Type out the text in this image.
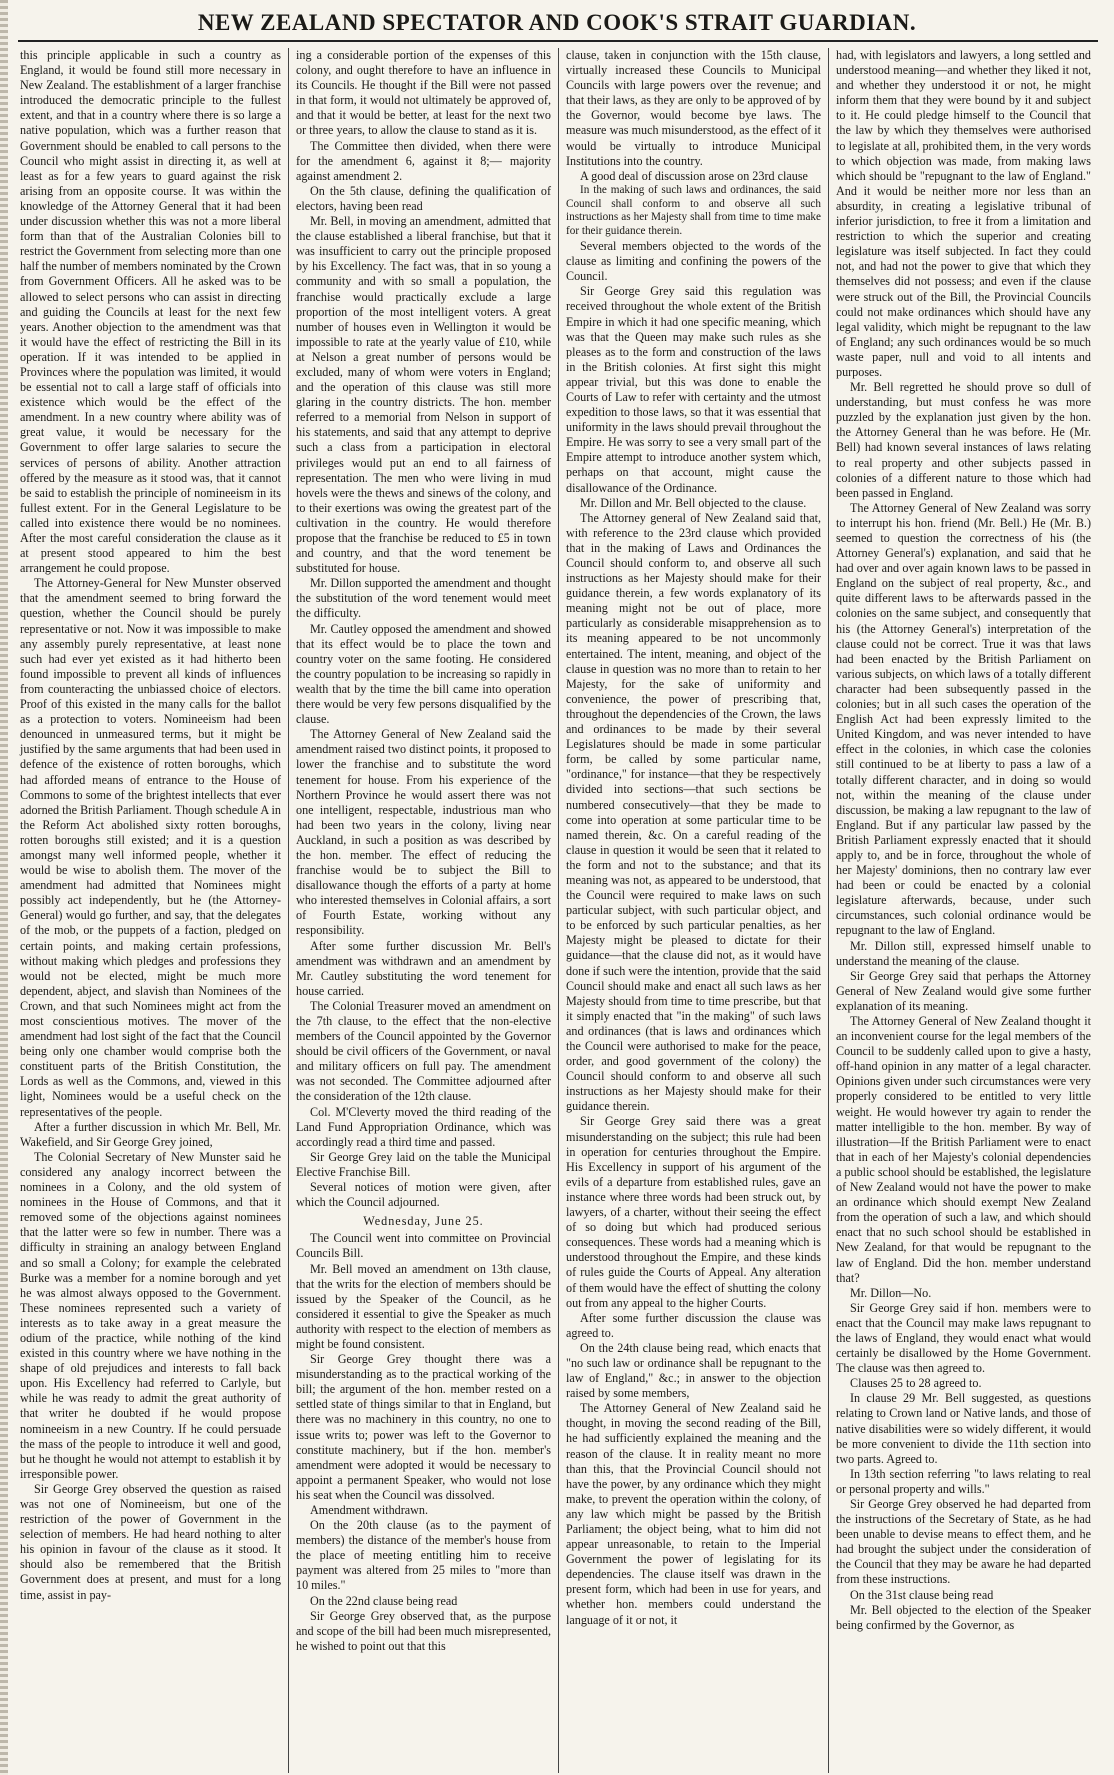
NEW ZEALAND SPECTATOR AND COOK'S STRAIT GUARDIAN.

this principle applicable in such a country as England, it would be found still more necessary in New Zealand. The establishment of a larger franchise introduced the democratic principle to the fullest extent, and that in a country where there is so large a native population, which was a further reason that Government should be enabled to call persons to the Council who might assist in directing it, as well at least as for a few years to guard against the risk arising from an opposite course. It was within the knowledge of the Attorney General that it had been under discussion whether this was not a more liberal form than that of the Australian Colonies bill to restrict the Government from selecting more than one half the number of members nominated by the Crown from Government Officers. All he asked was to be allowed to select persons who can assist in directing and guiding the Councils at least for the next few years. Another objection to the amendment was that it would have the effect of restricting the Bill in its operation. If it was intended to be applied in Provinces where the population was limited, it would be essential not to call a large staff of officials into existence which would be the effect of the amendment. In a new country where ability was of great value, it would be necessary for the Government to offer large salaries to secure the services of persons of ability. Another attraction offered by the measure as it stood was, that it cannot be said to establish the principle of nomineeism in its fullest extent. For in the General Legislature to be called into existence there would be no nominees. After the most careful consideration the clause as it at present stood appeared to him the best arrangement he could propose.

The Attorney-General for New Munster observed that the amendment seemed to bring forward the question, whether the Council should be purely representative or not. Now it was impossible to make any assembly purely representative, at least none such had ever yet existed as it had hitherto been found impossible to prevent all kinds of influences from counteracting the unbiassed choice of electors. Proof of this existed in the many calls for the ballot as a protection to voters. Nomineeism had been denounced in unmeasured terms, but it might be justified by the same arguments that had been used in defence of the existence of rotten boroughs, which had afforded means of entrance to the House of Commons to some of the brightest intellects that ever adorned the British Parliament. Though schedule A in the Reform Act abolished sixty rotten boroughs, rotten boroughs still existed; and it is a question amongst many well informed people, whether it would be wise to abolish them. The mover of the amendment had admitted that Nominees might possibly act independently, but he (the Attorney-General) would go further, and say, that the delegates of the mob, or the puppets of a faction, pledged on certain points, and making certain professions, without making which pledges and professions they would not be elected, might be much more dependent, abject, and slavish than Nominees of the Crown, and that such Nominees might act from the most conscientious motives. The mover of the amendment had lost sight of the fact that the Council being only one chamber would comprise both the constituent parts of the British Constitution, the Lords as well as the Commons, and, viewed in this light, Nominees would be a useful check on the representatives of the people.

After a further discussion in which Mr. Bell, Mr. Wakefield, and Sir George Grey joined,

The Colonial Secretary of New Munster said he considered any analogy incorrect between the nominees in a Colony, and the old system of nominees in the House of Commons, and that it removed some of the objections against nominees that the latter were so few in number. There was a difficulty in straining an analogy between England and so small a Colony; for example the celebrated Burke was a member for a nomine borough and yet he was almost always opposed to the Government. These nominees represented such a variety of interests as to take away in a great measure the odium of the practice, while nothing of the kind existed in this country where we have nothing in the shape of old prejudices and interests to fall back upon. His Excellency had referred to Carlyle, but while he was ready to admit the great authority of that writer he doubted if he would propose nomineeism in a new Country. If he could persuade the mass of the people to introduce it well and good, but he thought he would not attempt to establish it by irresponsible power.

Sir George Grey observed the question as raised was not one of Nomineeism, but one of the restriction of the power of Government in the selection of members. He had heard nothing to alter his opinion in favour of the clause as it stood. It should also be remembered that the British Government does at present, and must for a long time, assist in pay-

ing a considerable portion of the expenses of this colony, and ought therefore to have an influence in its Councils. He thought if the Bill were not passed in that form, it would not ultimately be approved of, and that it would be better, at least for the next two or three years, to allow the clause to stand as it is.

The Committee then divided, when there were for the amendment 6, against it 8;— majority against amendment 2.

On the 5th clause, defining the qualification of electors, having been read

Mr. Bell, in moving an amendment, admitted that the clause established a liberal franchise, but that it was insufficient to carry out the principle proposed by his Excellency. The fact was, that in so young a community and with so small a population, the franchise would practically exclude a large proportion of the most intelligent voters. A great number of houses even in Wellington it would be impossible to rate at the yearly value of £10, while at Nelson a great number of persons would be excluded, many of whom were voters in England; and the operation of this clause was still more glaring in the country districts. The hon. member referred to a memorial from Nelson in support of his statements, and said that any attempt to deprive such a class from a participation in electoral privileges would put an end to all fairness of representation. The men who were living in mud hovels were the thews and sinews of the colony, and to their exertions was owing the greatest part of the cultivation in the country. He would therefore propose that the franchise be reduced to £5 in town and country, and that the word tenement be substituted for house.

Mr. Dillon supported the amendment and thought the substitution of the word tenement would meet the difficulty.

Mr. Cautley opposed the amendment and showed that its effect would be to place the town and country voter on the same footing. He considered the country population to be increasing so rapidly in wealth that by the time the bill came into operation there would be very few persons disqualified by the clause.

The Attorney General of New Zealand said the amendment raised two distinct points, it proposed to lower the franchise and to substitute the word tenement for house. From his experience of the Northern Province he would assert there was not one intelligent, respectable, industrious man who had been two years in the colony, living near Auckland, in such a position as was described by the hon. member. The effect of reducing the franchise would be to subject the Bill to disallowance though the efforts of a party at home who interested themselves in Colonial affairs, a sort of Fourth Estate, working without any responsibility.

After some further discussion Mr. Bell's amendment was withdrawn and an amendment by Mr. Cautley substituting the word tenement for house carried.

The Colonial Treasurer moved an amendment on the 7th clause, to the effect that the non-elective members of the Council appointed by the Governor should be civil officers of the Government, or naval and military officers on full pay. The amendment was not seconded. The Committee adjourned after the consideration of the 12th clause.

Col. M'Cleverty moved the third reading of the Land Fund Appropriation Ordinance, which was accordingly read a third time and passed.

Sir George Grey laid on the table the Municipal Elective Franchise Bill.

Several notices of motion were given, after which the Council adjourned.

Wednesday, June 25.

The Council went into committee on Provincial Councils Bill.

Mr. Bell moved an amendment on 13th clause, that the writs for the election of members should be issued by the Speaker of the Council, as he considered it essential to give the Speaker as much authority with respect to the election of members as might be found consistent.

Sir George Grey thought there was a misunderstanding as to the practical working of the bill; the argument of the hon. member rested on a settled state of things similar to that in England, but there was no machinery in this country, no one to issue writs to; power was left to the Governor to constitute machinery, but if the hon. member's amendment were adopted it would be necessary to appoint a permanent Speaker, who would not lose his seat when the Council was dissolved.

Amendment withdrawn.

On the 20th clause (as to the payment of members) the distance of the member's house from the place of meeting entitling him to receive payment was altered from 25 miles to "more than 10 miles."

On the 22nd clause being read

Sir George Grey observed that, as the purpose and scope of the bill had been much misrepresented, he wished to point out that this

clause, taken in conjunction with the 15th clause, virtually increased these Councils to Municipal Councils with large powers over the revenue; and that their laws, as they are only to be approved of by the Governor, would become bye laws. The measure was much misunderstood, as the effect of it would be virtually to introduce Municipal Institutions into the country.

A good deal of discussion arose on 23rd clause

In the making of such laws and ordinances, the said Council shall conform to and observe all such instructions as her Majesty shall from time to time make for their guidance therein.

Several members objected to the words of the clause as limiting and confining the powers of the Council.

Sir George Grey said this regulation was received throughout the whole extent of the British Empire in which it had one specific meaning, which was that the Queen may make such rules as she pleases as to the form and construction of the laws in the British colonies. At first sight this might appear trivial, but this was done to enable the Courts of Law to refer with certainty and the utmost expedition to those laws, so that it was essential that uniformity in the laws should prevail throughout the Empire. He was sorry to see a very small part of the Empire attempt to introduce another system which, perhaps on that account, might cause the disallowance of the Ordinance.

Mr. Dillon and Mr. Bell objected to the clause.

The Attorney general of New Zealand said that, with reference to the 23rd clause which provided that in the making of Laws and Ordinances the Council should conform to, and observe all such instructions as her Majesty should make for their guidance therein, a few words explanatory of its meaning might not be out of place, more particularly as considerable misapprehension as to its meaning appeared to be not uncommonly entertained. The intent, meaning, and object of the clause in question was no more than to retain to her Majesty, for the sake of uniformity and convenience, the power of prescribing that, throughout the dependencies of the Crown, the laws and ordinances to be made by their several Legislatures should be made in some particular form, be called by some particular name, "ordinance," for instance—that they be respectively divided into sections—that such sections be numbered consecutively—that they be made to come into operation at some particular time to be named therein, &c. On a careful reading of the clause in question it would be seen that it related to the form and not to the substance; and that its meaning was not, as appeared to be understood, that the Council were required to make laws on such particular subject, with such particular object, and to be enforced by such particular penalties, as her Majesty might be pleased to dictate for their guidance—that the clause did not, as it would have done if such were the intention, provide that the said Council should make and enact all such laws as her Majesty should from time to time prescribe, but that it simply enacted that "in the making" of such laws and ordinances (that is laws and ordinances which the Council were authorised to make for the peace, order, and good government of the colony) the Council should conform to and observe all such instructions as her Majesty should make for their guidance therein.

Sir George Grey said there was a great misunderstanding on the subject; this rule had been in operation for centuries throughout the Empire. His Excellency in support of his argument of the evils of a departure from established rules, gave an instance where three words had been struck out, by lawyers, of a charter, without their seeing the effect of so doing but which had produced serious consequences. These words had a meaning which is understood throughout the Empire, and these kinds of rules guide the Courts of Appeal. Any alteration of them would have the effect of shutting the colony out from any appeal to the higher Courts.

After some further discussion the clause was agreed to.

On the 24th clause being read, which enacts that "no such law or ordinance shall be repugnant to the law of England," &c.; in answer to the objection raised by some members,

The Attorney General of New Zealand said he thought, in moving the second reading of the Bill, he had sufficiently explained the meaning and the reason of the clause. It in reality meant no more than this, that the Provincial Council should not have the power, by any ordinance which they might make, to prevent the operation within the colony, of any law which might be passed by the British Parliament; the object being, what to him did not appear unreasonable, to retain to the Imperial Government the power of legislating for its dependencies. The clause itself was drawn in the present form, which had been in use for years, and whether hon. members could understand the language of it or not, it

had, with legislators and lawyers, a long settled and understood meaning—and whether they liked it not, and whether they understood it or not, he might inform them that they were bound by it and subject to it. He could pledge himself to the Council that the law by which they themselves were authorised to legislate at all, prohibited them, in the very words to which objection was made, from making laws which should be "repugnant to the law of England." And it would be neither more nor less than an absurdity, in creating a legislative tribunal of inferior jurisdiction, to free it from a limitation and restriction to which the superior and creating legislature was itself subjected. In fact they could not, and had not the power to give that which they themselves did not possess; and even if the clause were struck out of the Bill, the Provincial Councils could not make ordinances which should have any legal validity, which might be repugnant to the law of England; any such ordinances would be so much waste paper, null and void to all intents and purposes.

Mr. Bell regretted he should prove so dull of understanding, but must confess he was more puzzled by the explanation just given by the hon. the Attorney General than he was before. He (Mr. Bell) had known several instances of laws relating to real property and other subjects passed in colonies of a different nature to those which had been passed in England.

The Attorney General of New Zealand was sorry to interrupt his hon. friend (Mr. Bell.) He (Mr. B.) seemed to question the correctness of his (the Attorney General's) explanation, and said that he had over and over again known laws to be passed in England on the subject of real property, &c., and quite different laws to be afterwards passed in the colonies on the same subject, and consequently that his (the Attorney General's) interpretation of the clause could not be correct. True it was that laws had been enacted by the British Parliament on various subjects, on which laws of a totally different character had been subsequently passed in the colonies; but in all such cases the operation of the English Act had been expressly limited to the United Kingdom, and was never intended to have effect in the colonies, in which case the colonies still continued to be at liberty to pass a law of a totally different character, and in doing so would not, within the meaning of the clause under discussion, be making a law repugnant to the law of England. But if any particular law passed by the British Parliament expressly enacted that it should apply to, and be in force, throughout the whole of her Majesty' dominions, then no contrary law ever had been or could be enacted by a colonial legislature afterwards, because, under such circumstances, such colonial ordinance would be repugnant to the law of England.

Mr. Dillon still, expressed himself unable to understand the meaning of the clause.

Sir George Grey said that perhaps the Attorney General of New Zealand would give some further explanation of its meaning.

The Attorney General of New Zealand thought it an inconvenient course for the legal members of the Council to be suddenly called upon to give a hasty, off-hand opinion in any matter of a legal character. Opinions given under such circumstances were very properly considered to be entitled to very little weight. He would however try again to render the matter intelligible to the hon. member. By way of illustration—If the British Parliament were to enact that in each of her Majesty's colonial dependencies a public school should be established, the legislature of New Zealand would not have the power to make an ordinance which should exempt New Zealand from the operation of such a law, and which should enact that no such school should be established in New Zealand, for that would be repugnant to the law of England. Did the hon. member understand that?

Mr. Dillon—No.

Sir George Grey said if hon. members were to enact that the Council may make laws repugnant to the laws of England, they would enact what would certainly be disallowed by the Home Government. The clause was then agreed to.

Clauses 25 to 28 agreed to.

In clause 29 Mr. Bell suggested, as questions relating to Crown land or Native lands, and those of native disabilities were so widely different, it would be more convenient to divide the 11th section into two parts. Agreed to.

In 13th section referring "to laws relating to real or personal property and wills."

Sir George Grey observed he had departed from the instructions of the Secretary of State, as he had been unable to devise means to effect them, and he had brought the subject under the consideration of the Council that they may be aware he had departed from these instructions.

On the 31st clause being read

Mr. Bell objected to the election of the Speaker being confirmed by the Governor, as
